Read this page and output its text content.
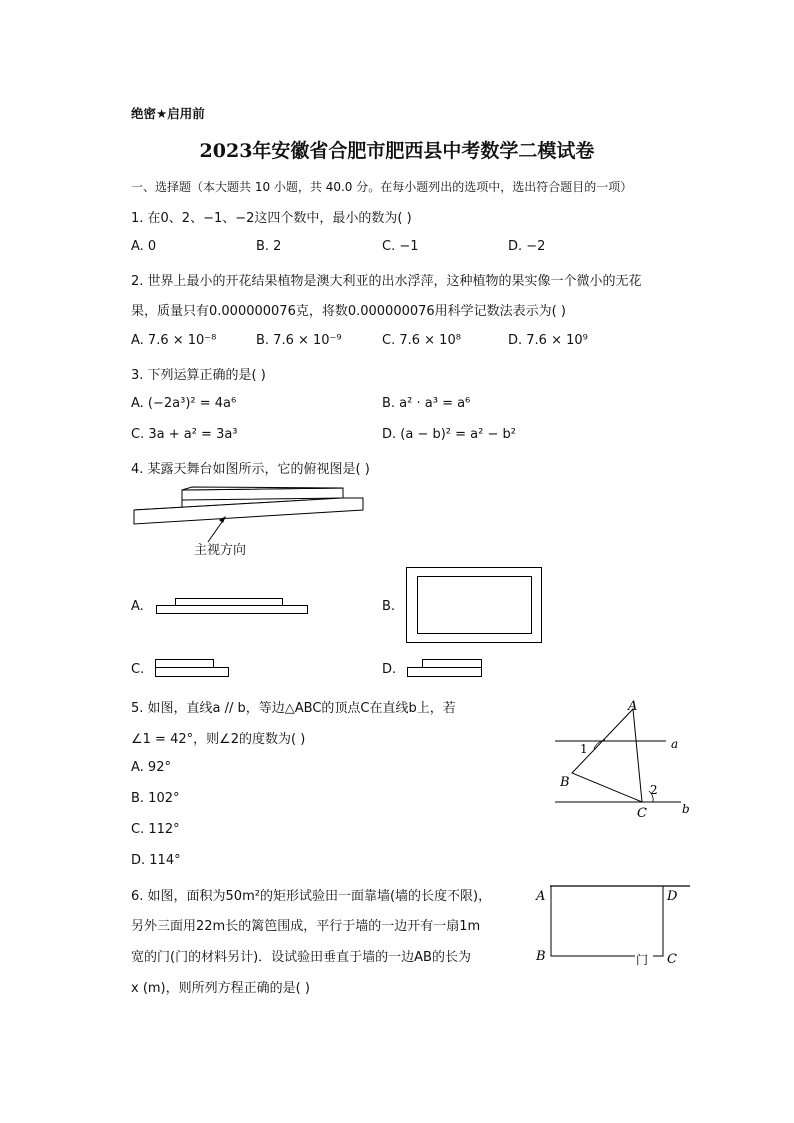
绝密★启用前
2023年安徽省合肥市肥西县中考数学二模试卷
一、选择题（本大题共 10 小题，共 40.0 分。在每小题列出的选项中，选出符合题目的一项）
1. 在0、2、−1、−2这四个数中，最小的数为( )
A. 0	B. 2	C. −1	D. −2
2. 世界上最小的开花结果植物是澳大利亚的出水浮萍，这种植物的果实像一个微小的无花
果，质量只有0.000000076克，将数0.000000076用科学记数法表示为( )
A. 7.6 × 10⁻⁸	B. 7.6 × 10⁻⁹	C. 7.6 × 10⁸	D. 7.6 × 10⁹
3. 下列运算正确的是( )
A. (−2a³)² = 4a⁶	B. a² · a³ = a⁶
C. 3a + a² = 3a³	D. (a − b)² = a² − b²
4. 某露天舞台如图所示，它的俯视图是( )
主视方向
A.	B.
C.	D.
5. 如图，直线a // b，等边△ABC的顶点C在直线b上，若
∠1 = 42°，则∠2的度数为( )
A. 92°
B. 102°
C. 112°
D. 114°
A
B
C
a
b
1
2
6. 如图，面积为50m²的矩形试验田一面靠墙(墙的长度不限)，
另外三面用22m长的篱笆围成，平行于墙的一边开有一扇1m
宽的门(门的材料另计)．设试验田垂直于墙的一边AB的长为
x (m)，则所列方程正确的是( )
A	D
B	C
门
